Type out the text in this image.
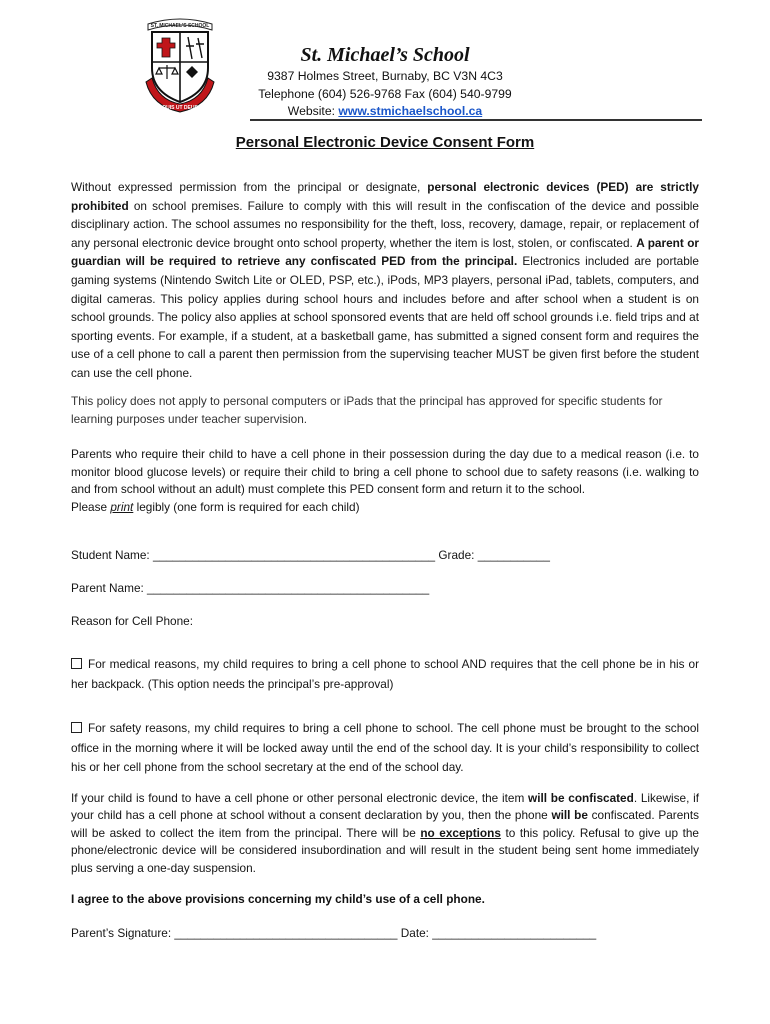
ST. MICHAEL'S SCHOOL
QUIS UT DEUS
St. Michael’s School
9387 Holmes Street, Burnaby, BC V3N 4C3
Telephone (604) 526-9768 Fax (604) 540-9799
Website: www.stmichaelschool.ca
Personal Electronic Device Consent Form
Without expressed permission from the principal or designate, personal electronic devices (PED) are strictly prohibited on school premises. Failure to comply with this will result in the confiscation of the device and possible disciplinary action. The school assumes no responsibility for the theft, loss, recovery, damage, repair, or replacement of any personal electronic device brought onto school property, whether the item is lost, stolen, or confiscated. A parent or guardian will be required to retrieve any confiscated PED from the principal. Electronics included are portable gaming systems (Nintendo Switch Lite or OLED, PSP, etc.), iPods, MP3 players, personal iPad, tablets, computers, and digital cameras. This policy applies during school hours and includes before and after school when a student is on school grounds. The policy also applies at school sponsored events that are held off school grounds i.e. field trips and at sporting events. For example, if a student, at a basketball game, has submitted a signed consent form and requires the use of a cell phone to call a parent then permission from the supervising teacher MUST be given first before the student can use the cell phone.
This policy does not apply to personal computers or iPads that the principal has approved for specific students for learning purposes under teacher supervision.
Parents who require their child to have a cell phone in their possession during the day due to a medical reason (i.e. to monitor blood glucose levels) or require their child to bring a cell phone to school due to safety reasons (i.e. walking to and from school without an adult) must complete this PED consent form and return it to the school.
Please print legibly (one form is required for each child)
Student Name: ___________________________________________ Grade: ___________
Parent Name: ___________________________________________
Reason for Cell Phone:
For medical reasons, my child requires to bring a cell phone to school AND requires that the cell phone be in his or her backpack. (This option needs the principal’s pre-approval)
For safety reasons, my child requires to bring a cell phone to school. The cell phone must be brought to the school office in the morning where it will be locked away until the end of the school day. It is your child’s responsibility to collect his or her cell phone from the school secretary at the end of the school day.
If your child is found to have a cell phone or other personal electronic device, the item will be confiscated. Likewise, if your child has a cell phone at school without a consent declaration by you, then the phone will be confiscated. Parents will be asked to collect the item from the principal. There will be no exceptions to this policy. Refusal to give up the phone/electronic device will be considered insubordination and will result in the student being sent home immediately plus serving a one-day suspension.
I agree to the above provisions concerning my child’s use of a cell phone.
Parent’s Signature: __________________________________ Date: _________________________
